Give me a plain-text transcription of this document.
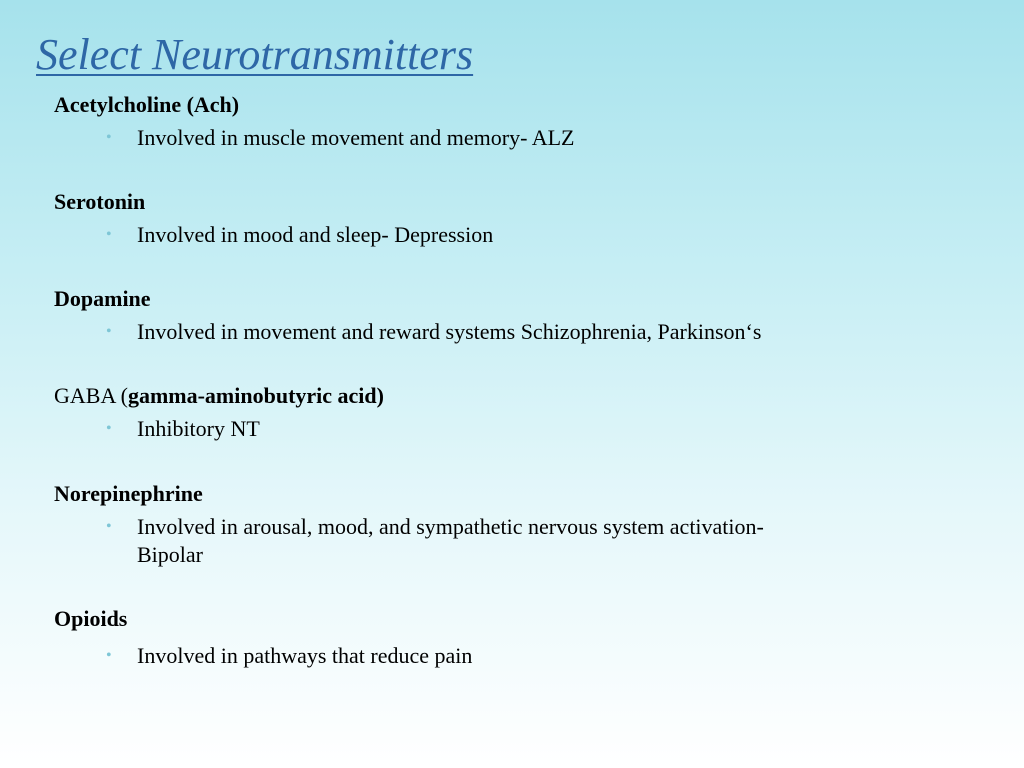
Select Neurotransmitters
Acetylcholine (Ach)
• Involved in muscle movement and memory- ALZ
Serotonin
• Involved in mood and sleep- Depression
Dopamine
• Involved in movement and reward systems Schizophrenia, Parkinson‘s
GABA (gamma-aminobutyric acid)
• Inhibitory NT
Norepinephrine
• Involved in arousal, mood, and sympathetic nervous system activation-
Bipolar
Opioids
• Involved in pathways that reduce pain
